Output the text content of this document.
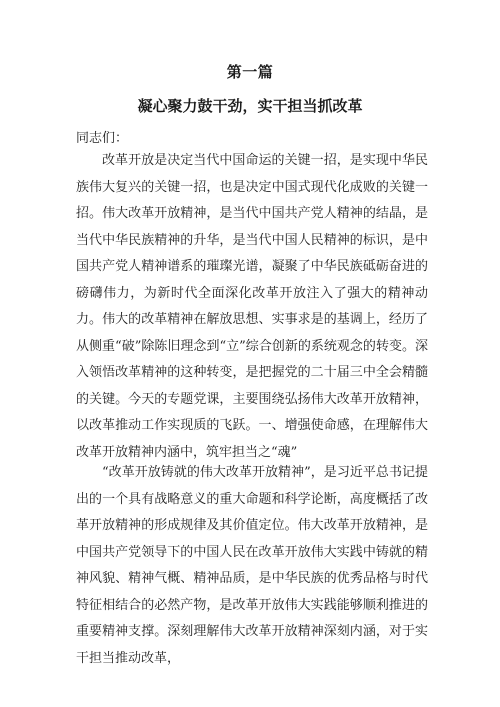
第一篇
凝心聚力鼓干劲，实干担当抓改革
同志们：

改革开放是决定当代中国命运的关键一招，是实现中华民族伟大复兴的关键一招，也是决定中国式现代化成败的关键一招。伟大改革开放精神，是当代中国共产党人精神的结晶，是当代中华民族精神的升华，是当代中国人民精神的标识，是中国共产党人精神谱系的璀璨光谱，凝聚了中华民族砥砺奋进的磅礴伟力，为新时代全面深化改革开放注入了强大的精神动力。伟大的改革精神在解放思想、实事求是的基调上，经历了从侧重“破”除陈旧理念到“立”综合创新的系统观念的转变。深入领悟改革精神的这种转变，是把握党的二十届三中全会精髓的关键。今天的专题党课，主要围绕弘扬伟大改革开放精神，以改革推动工作实现质的飞跃。一、增强使命感，在理解伟大改革开放精神内涵中，筑牢担当之“魂”

“改革开放铸就的伟大改革开放精神”，是习近平总书记提出的一个具有战略意义的重大命题和科学论断，高度概括了改革开放精神的形成规律及其价值定位。伟大改革开放精神，是中国共产党领导下的中国人民在改革开放伟大实践中铸就的精神风貌、精神气概、精神品质，是中华民族的优秀品格与时代特征相结合的必然产物，是改革开放伟大实践能够顺利推进的重要精神支撑。深刻理解伟大改革开放精神深刻内涵，对于实干担当推动改革，
